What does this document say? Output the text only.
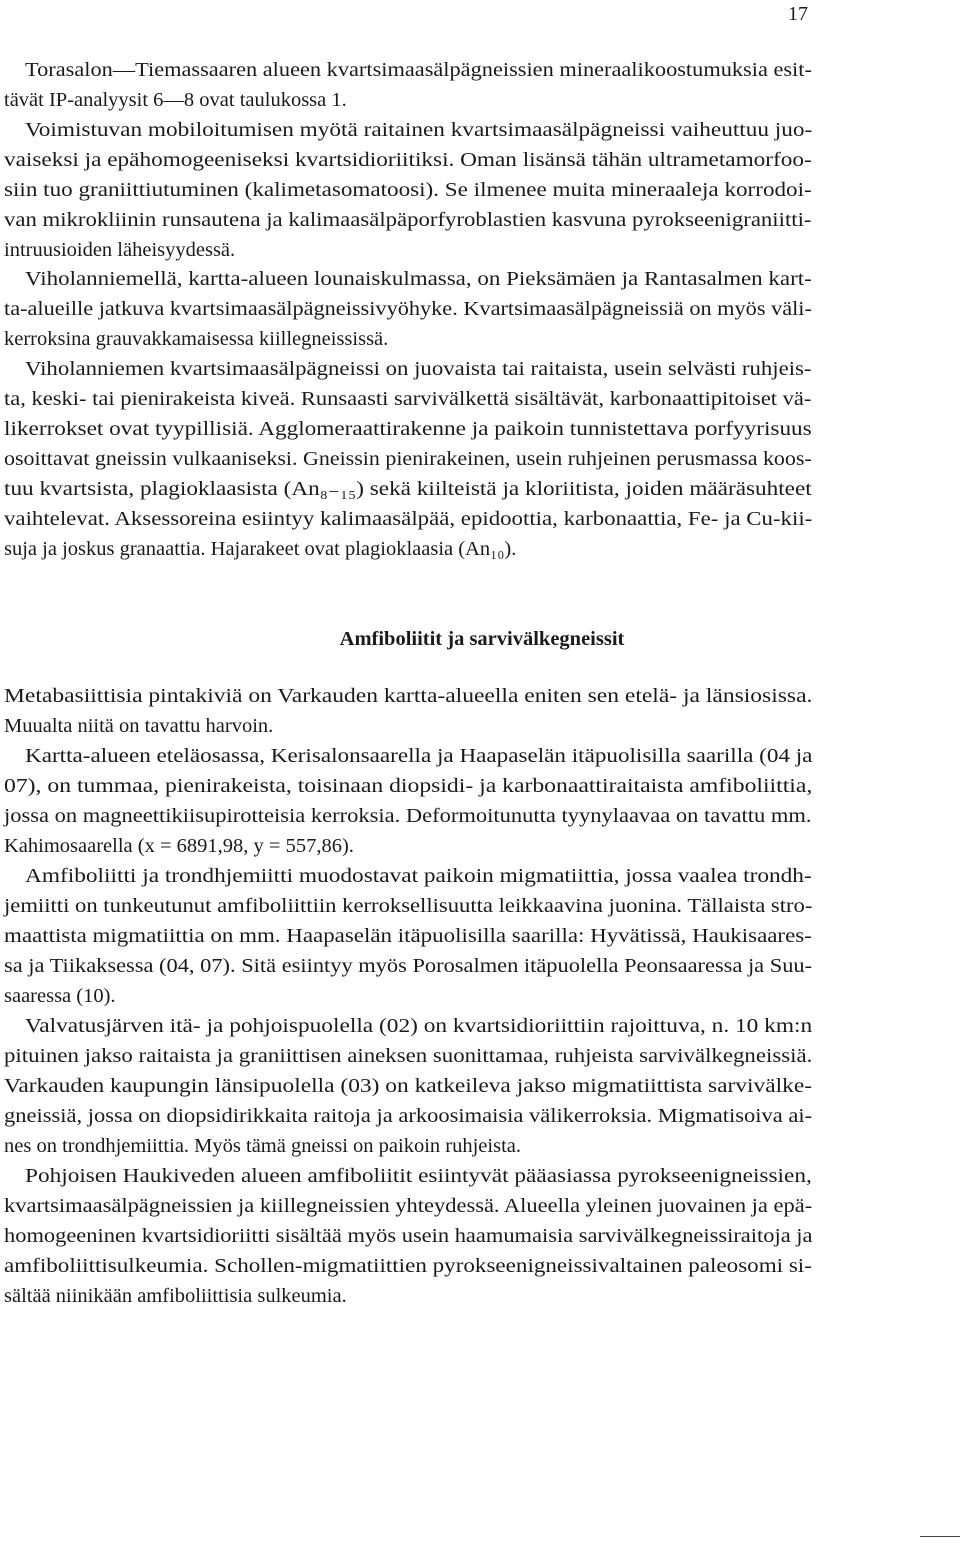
17
Torasalon—Tiemassaaren alueen kvartsimaasälpägneissien mineraalikoostumuksia esit-
tävät IP-analyysit 6—8 ovat taulukossa 1.
Voimistuvan mobiloitumisen myötä raitainen kvartsimaasälpägneissi vaiheuttuu juo-
vaiseksi ja epähomogeeniseksi kvartsidioriitiksi. Oman lisänsä tähän ultrametamorfoo-
siin tuo graniittiutuminen (kalimetasomatoosi). Se ilmenee muita mineraaleja korrodoi-
van mikrokliinin runsautena ja kalimaasälpäporfyroblastien kasvuna pyrokseenigraniitti-
intruusioiden läheisyydessä.
Viholanniemellä, kartta-alueen lounaiskulmassa, on Pieksämäen ja Rantasalmen kart-
ta-alueille jatkuva kvartsimaasälpägneissivyöhyke. Kvartsimaasälpägneissiä on myös väli-
kerroksina grauvakkamaisessa kiillegneississä.
Viholanniemen kvartsimaasälpägneissi on juovaista tai raitaista, usein selvästi ruhjeis-
ta, keski- tai pienirakeista kiveä. Runsaasti sarvivälkettä sisältävät, karbonaattipitoiset vä-
likerrokset ovat tyypillisiä. Agglomeraattirakenne ja paikoin tunnistettava porfyyrisuus
osoittavat gneissin vulkaaniseksi. Gneissin pienirakeinen, usein ruhjeinen perusmassa koos-
tuu kvartsista, plagioklaasista (An₈₋₁₅) sekä kiilteistä ja kloriitista, joiden määräsuhteet
vaihtelevat. Aksessoreina esiintyy kalimaasälpää, epidoottia, karbonaattia, Fe- ja Cu-kii-
suja ja joskus granaattia. Hajarakeet ovat plagioklaasia (An₁₀).
Amfiboliitit ja sarvivälkegneissit
Metabasiittisia pintakiviä on Varkauden kartta-alueella eniten sen etelä- ja länsiosissa.
Muualta niitä on tavattu harvoin.
Kartta-alueen eteläosassa, Kerisalonsaarella ja Haapaselän itäpuolisilla saarilla (04 ja
07), on tummaa, pienirakeista, toisinaan diopsidi- ja karbonaattiraitaista amfiboliittia,
jossa on magneettikiisupirotteisia kerroksia. Deformoitunutta tyynylaavaa on tavattu mm.
Kahimosaarella (x = 6891,98, y = 557,86).
Amfiboliitti ja trondhjemiitti muodostavat paikoin migmatiittia, jossa vaalea trondh-
jemiitti on tunkeutunut amfiboliittiin kerroksellisuutta leikkaavina juonina. Tällaista stro-
maattista migmatiittia on mm. Haapaselän itäpuolisilla saarilla: Hyvätissä, Haukisaares-
sa ja Tiikaksessa (04, 07). Sitä esiintyy myös Porosalmen itäpuolella Peonsaaressa ja Suu-
saaressa (10).
Valvatusjärven itä- ja pohjoispuolella (02) on kvartsidioriittiin rajoittuva, n. 10 km:n
pituinen jakso raitaista ja graniittisen aineksen suonittamaa, ruhjeista sarvivälkegneissiä.
Varkauden kaupungin länsipuolella (03) on katkeileva jakso migmatiittista sarvivälke-
gneissiä, jossa on diopsidirikkaita raitoja ja arkoosimaisia välikerroksia. Migmatisoiva ai-
nes on trondhjemiittia. Myös tämä gneissi on paikoin ruhjeista.
Pohjoisen Haukiveden alueen amfiboliitit esiintyvät pääasiassa pyrokseenigneissien,
kvartsimaasälpägneissien ja kiillegneissien yhteydessä. Alueella yleinen juovainen ja epä-
homogeeninen kvartsidioriitti sisältää myös usein haamumaisia sarvivälkegneissiraitoja ja
amfiboliittisulkeumia. Schollen-migmatiittien pyrokseenigneissivaltainen paleosomi si-
sältää niinikään amfiboliittisia sulkeumia.
